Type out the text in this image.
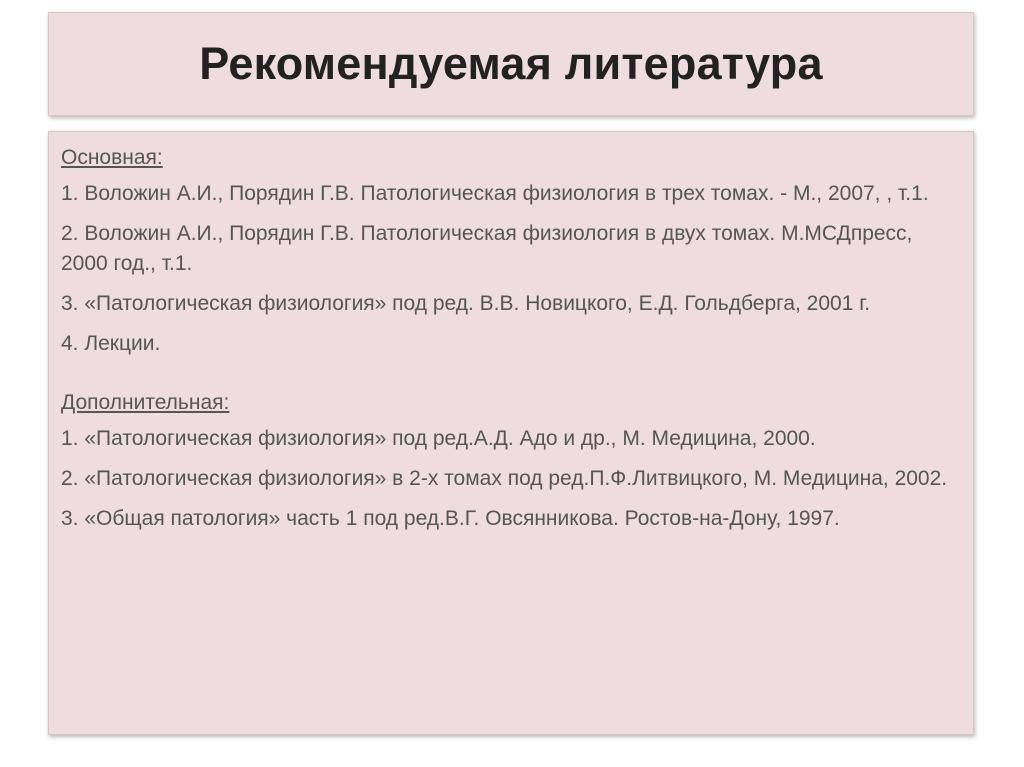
Рекомендуемая литература

Основная:

1. Воложин А.И., Порядин Г.В. Патологическая физиология в трех томах. - М., 2007, , т.1.

2. Воложин А.И., Порядин Г.В. Патологическая физиология в двух томах. М.МСДпресс, 2000 год., т.1.

3. «Патологическая физиология» под ред. В.В. Новицкого, Е.Д. Гольдберга, 2001 г.

4. Лекции.

Дополнительная:

1. «Патологическая физиология» под ред.А.Д. Адо и др., М. Медицина, 2000.

2. «Патологическая физиология» в 2-х томах под ред.П.Ф.Литвицкого, М. Медицина, 2002.

3. «Общая патология» часть 1 под ред.В.Г. Овсянникова. Ростов-на-Дону, 1997.
